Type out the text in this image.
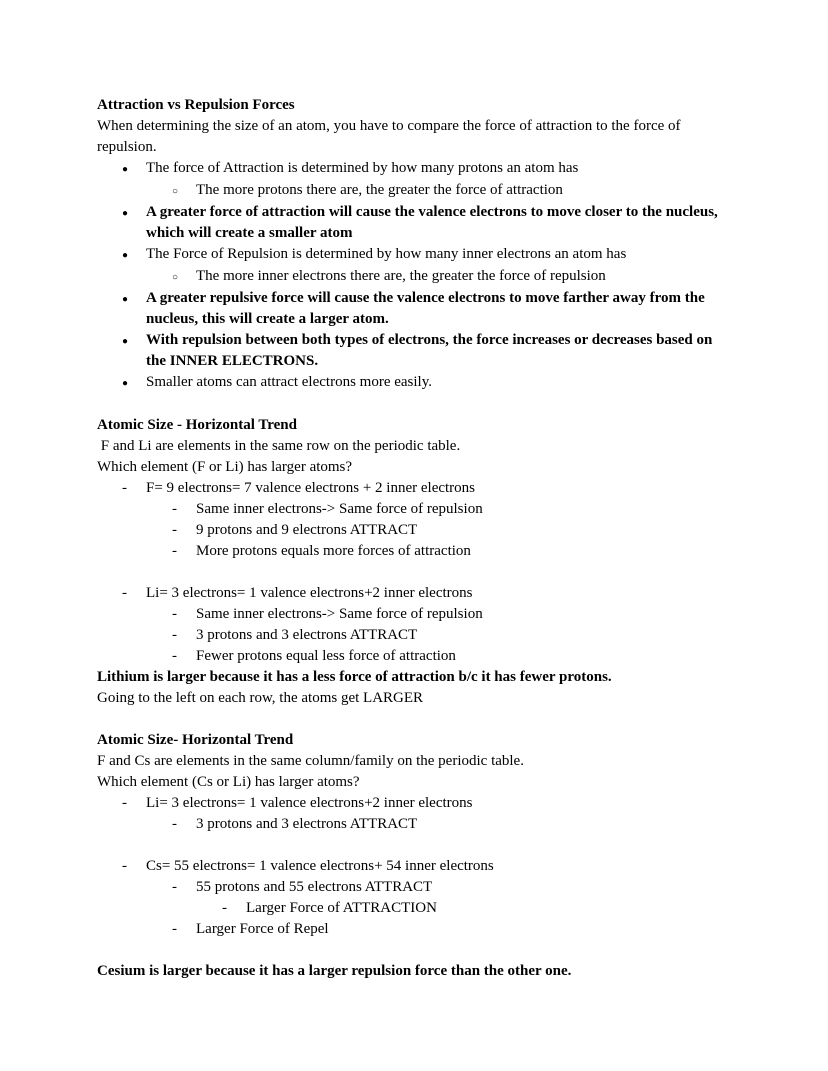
Attraction vs Repulsion Forces
When determining the size of an atom, you have to compare the force of attraction to the force of repulsion.
●	The force of Attraction is determined by how many protons an atom has
○	The more protons there are, the greater the force of attraction
●	A greater force of attraction will cause the valence electrons to move closer to the nucleus, which will create a smaller atom
●	The Force of Repulsion is determined by how many inner electrons an atom has
○	The more inner electrons there are, the greater the force of repulsion
●	A greater repulsive force will cause the valence electrons to move farther away from the nucleus, this will create a larger atom.
●	With repulsion between both types of electrons, the force increases or decreases based on the INNER ELECTRONS.
●	Smaller atoms can attract electrons more easily.
Atomic Size - Horizontal Trend
F and Li are elements in the same row on the periodic table.
Which element (F or Li) has larger atoms?
-	F= 9 electrons= 7 valence electrons + 2 inner electrons
-	Same inner electrons-> Same force of repulsion
-	9 protons and 9 electrons ATTRACT
-	More protons equals more forces of attraction
-	Li= 3 electrons= 1 valence electrons+2 inner electrons
-	Same inner electrons-> Same force of repulsion
-	3 protons and 3 electrons ATTRACT
-	Fewer protons equal less force of attraction
Lithium is larger because it has a less force of attraction b/c it has fewer protons.
Going to the left on each row, the atoms get LARGER
Atomic Size- Horizontal Trend
F and Cs are elements in the same column/family on the periodic table.
Which element (Cs or Li) has larger atoms?
-	Li= 3 electrons= 1 valence electrons+2 inner electrons
-	3 protons and 3 electrons ATTRACT
-	Cs= 55 electrons= 1 valence electrons+ 54 inner electrons
-	55 protons and 55 electrons ATTRACT
-	Larger Force of ATTRACTION
-	Larger Force of Repel
Cesium is larger because it has a larger repulsion force than the other one.
